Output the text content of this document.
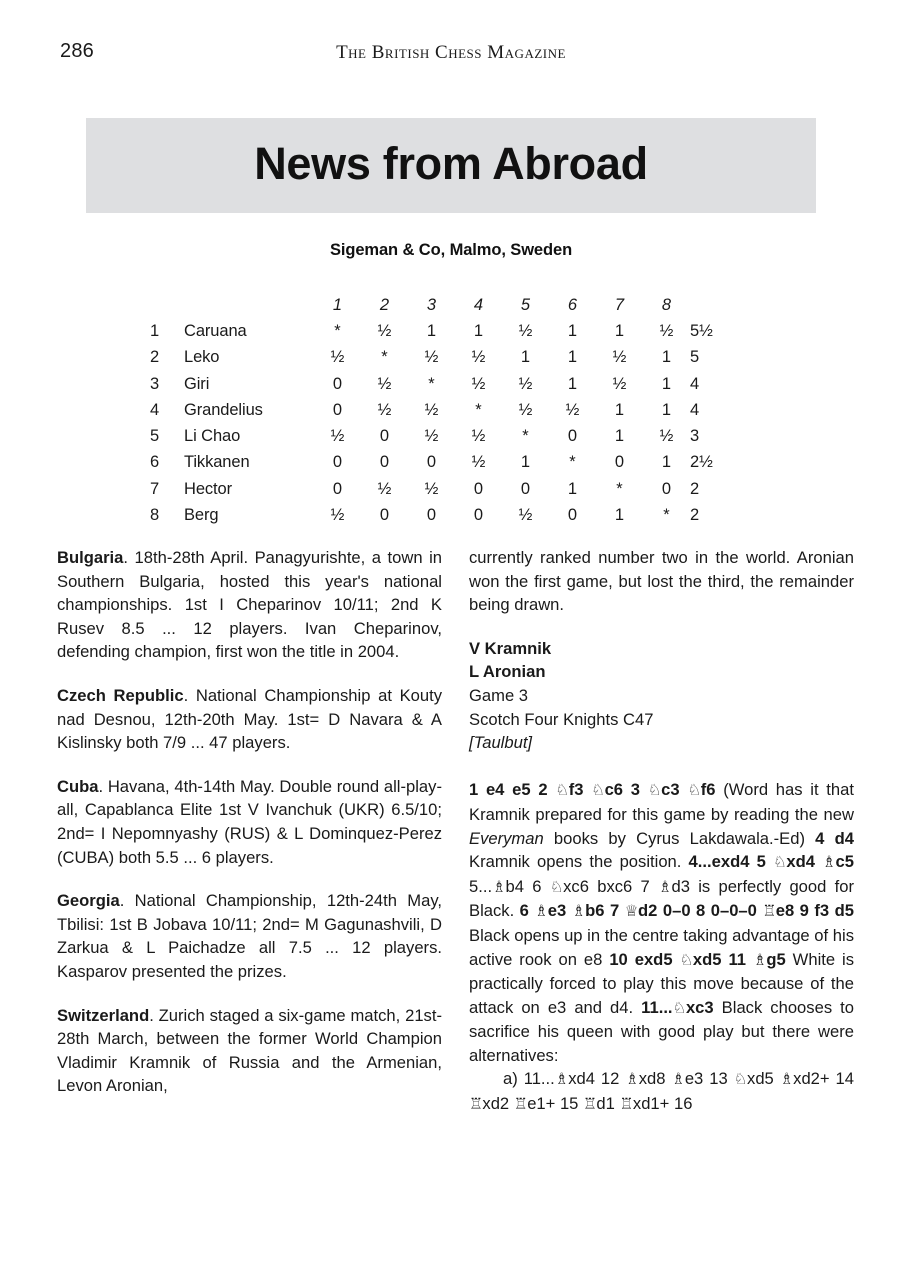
286	The British Chess Magazine
News from Abroad
Sigeman & Co, Malmo, Sweden
		1	2	3	4	5	6	7	8	
1	Caruana	*	½	1	1	½	1	1	½	5½
2	Leko	½	*	½	½	1	1	½	1	5
3	Giri	0	½	*	½	½	1	½	1	4
4	Grandelius	0	½	½	*	½	½	1	1	4
5	Li Chao	½	0	½	½	*	0	1	½	3
6	Tikkanen	0	0	0	½	1	*	0	1	2½
7	Hector	0	½	½	0	0	1	*	0	2
8	Berg	½	0	0	0	½	0	1	*	2

Bulgaria. 18th-28th April. Panagyurishte, a town in Southern Bulgaria, hosted this year's national championships. 1st I Cheparinov 10/11; 2nd K Rusev 8.5 ... 12 players. Ivan Cheparinov, defending champion, first won the title in 2004.

Czech Republic. National Championship at Kouty nad Desnou, 12th-20th May. 1st= D Navara & A Kislinsky both 7/9 ... 47 players.

Cuba. Havana, 4th-14th May. Double round all-play-all, Capablanca Elite 1st V Ivanchuk (UKR) 6.5/10; 2nd= I Nepomnyashy (RUS) & L Dominquez-Perez (CUBA) both 5.5 ... 6 players.

Georgia. National Championship, 12th-24th May, Tbilisi: 1st B Jobava 10/11; 2nd= M Gagunashvili, D Zarkua & L Paichadze all 7.5 ... 12 players. Kasparov presented the prizes.

Switzerland. Zurich staged a six-game match, 21st-28th March, between the former World Champion Vladimir Kramnik of Russia and the Armenian, Levon Aronian,

currently ranked number two in the world. Aronian won the first game, but lost the third, the remainder being drawn.

V Kramnik
L Aronian
Game 3
Scotch Four Knights C47
[Taulbut]

1 e4 e5 2 ♘f3 ♘c6 3 ♘c3 ♘f6 (Word has it that Kramnik prepared for this game by reading the new Everyman books by Cyrus Lakdawala.-Ed) 4 d4 Kramnik opens the position. 4...exd4 5 ♘xd4 ♗c5 5...♗b4 6 ♘xc6 bxc6 7 ♗d3 is perfectly good for Black. 6 ♗e3 ♗b6 7 ♕d2 0–0 8 0–0–0 ♖e8 9 f3 d5 Black opens up in the centre taking advantage of his active rook on e8 10 exd5 ♘xd5 11 ♗g5 White is practically forced to play this move because of the attack on e3 and d4. 11...♘xc3 Black chooses to sacrifice his queen with good play but there were alternatives:

a) 11...♗xd4 12 ♗xd8 ♗e3 13 ♘xd5 ♗xd2+ 14 ♖xd2 ♖e1+ 15 ♖d1 ♖xd1+ 16
